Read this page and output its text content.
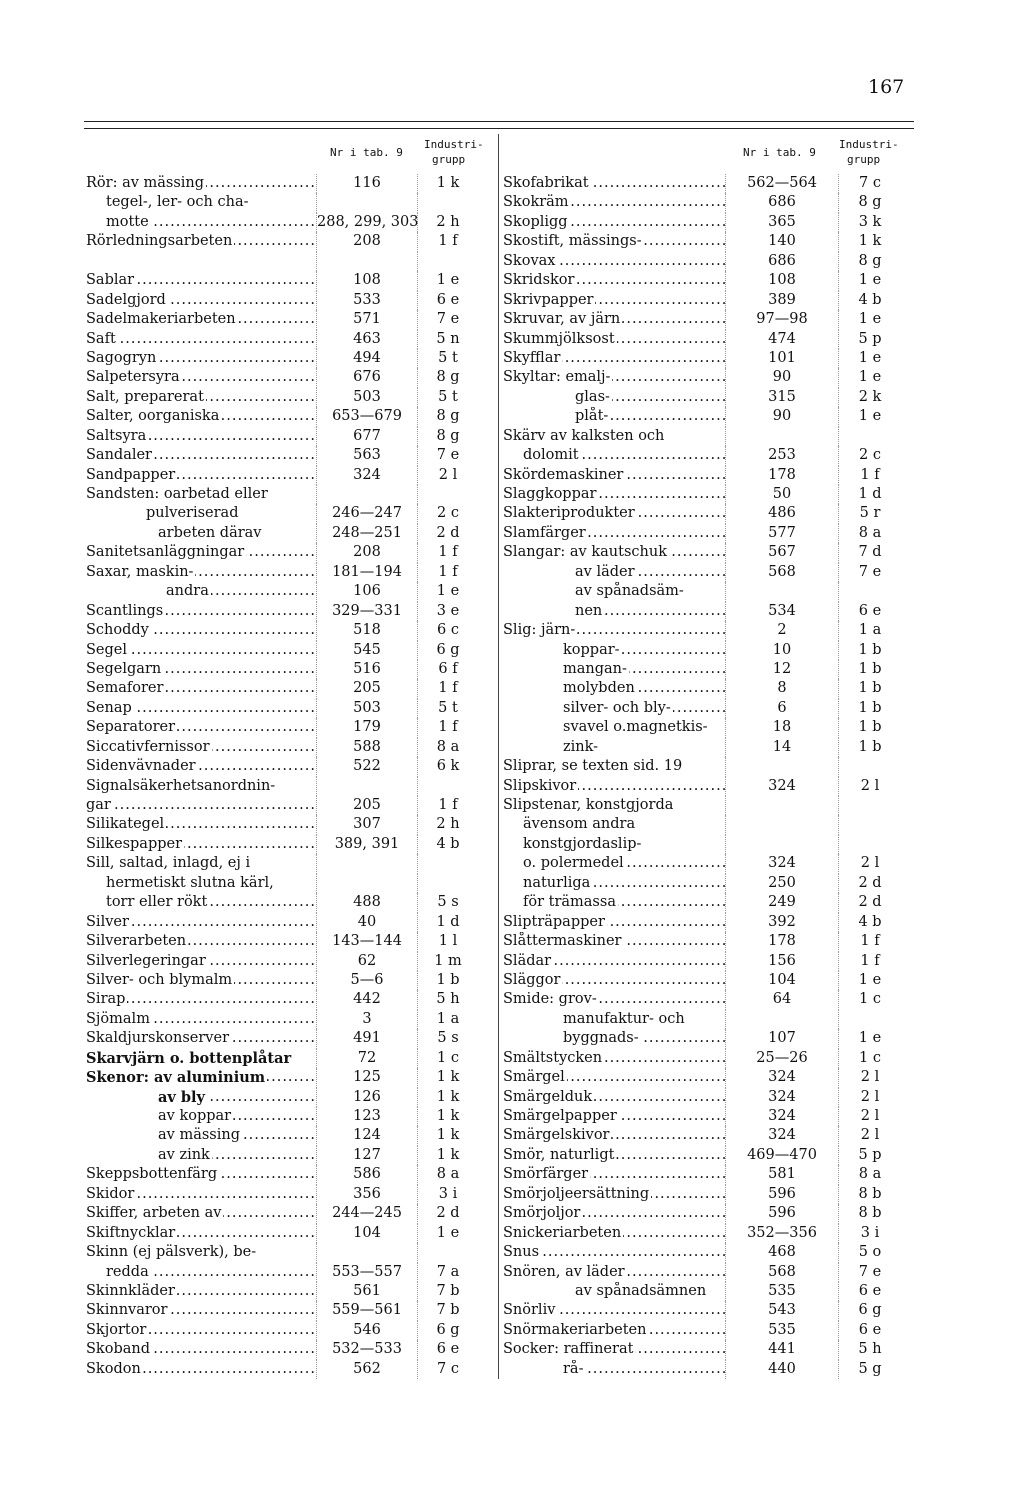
167
Nr i tab. 9
Industri-
grupp
Rör: av mässing .....	116	1 k
tegel-, ler- och cha-
motte .....	288, 299, 303	2 h
Rörledningsarbeten .....	208	1 f
Sablar .....	108	1 e
Sadelgjord .....	533	6 e
Sadelmakeriarbeten .....	571	7 e
Saft .....	463	5 n
Sagogryn .....	494	5 t
Salpetersyra .....	676	8 g
Salt, preparerat .....	503	5 t
Salter, oorganiska .....	653—679	8 g
Saltsyra .....	677	8 g
Sandaler .....	563	7 e
Sandpapper .....	324	2 l
Sandsten: oarbetad eller
pulveriserad	246—247	2 c
arbeten därav	248—251	2 d
Sanitetsanläggningar .....	208	1 f
Saxar, maskin- .....	181—194	1 f
andra .....	106	1 e
Scantlings .....	329—331	3 e
Schoddy .....	518	6 c
Segel .....	545	6 g
Segelgarn .....	516	6 f
Semaforer .....	205	1 f
Senap .....	503	5 t
Separatorer .....	179	1 f
Siccativfernissor .....	588	8 a
Sidenvävnader .....	522	6 k
Signalsäkerhetsanordnin-
gar .....	205	1 f
Silikategel .....	307	2 h
Silkespapper .....	389, 391	4 b
Sill, saltad, inlagd, ej i
hermetiskt slutna kärl,
torr eller rökt .....	488	5 s
Silver .....	40	1 d
Silverarbeten .....	143—144	1 l
Silverlegeringar .....	62	1 m
Silver- och blymalm .....	5—6	1 b
Sirap .....	442	5 h
Sjömalm .....	3	1 a
Skaldjurskonserver .....	491	5 s
Skarvjärn o. bottenplåtar	72	1 c
Skenor: av aluminium .....	125	1 k
av bly .....	126	1 k
av koppar .....	123	1 k
av mässing .....	124	1 k
av zink .....	127	1 k
Skeppsbottenfärg .....	586	8 a
Skidor .....	356	3 i
Skiffer, arbeten av .....	244—245	2 d
Skiftnycklar .....	104	1 e
Skinn (ej pälsverk), be-
redda .....	553—557	7 a
Skinnkläder .....	561	7 b
Skinnvaror .....	559—561	7 b
Skjortor .....	546	6 g
Skoband .....	532—533	6 e
Skodon .....	562	7 c
Nr i tab. 9
Industri-
grupp
Skofabrikat .....	562—564	7 c
Skokräm .....	686	8 g
Skopligg .....	365	3 k
Skostift, mässings- .....	140	1 k
Skovax .....	686	8 g
Skridskor .....	108	1 e
Skrivpapper .....	389	4 b
Skruvar, av järn .....	97—98	1 e
Skummjölksost .....	474	5 p
Skyfflar .....	101	1 e
Skyltar: emalj- .....	90	1 e
glas- .....	315	2 k
plåt- .....	90	1 e
Skärv av kalksten och
dolomit .....	253	2 c
Skördemaskiner .....	178	1 f
Slaggkoppar .....	50	1 d
Slakteriprodukter .....	486	5 r
Slamfärger .....	577	8 a
Slangar: av kautschuk .....	567	7 d
av läder .....	568	7 e
av spånadsäm-
nen .....	534	6 e
Slig: järn- .....	2	1 a
koppar- .....	10	1 b
mangan- .....	12	1 b
molybden .....	8	1 b
silver- och bly- .....	6	1 b
svavel o.magnetkis-	18	1 b
zink-	14	1 b
Sliprar, se texten sid. 19
Slipskivor .....	324	2 l
Slipstenar, konstgjorda
ävensom andra
konstgjordaslip-
o. polermedel .....	324	2 l
naturliga .....	250	2 d
för trämassa .....	249	2 d
Slipträpapper .....	392	4 b
Slåttermaskiner .....	178	1 f
Slädar .....	156	1 f
Släggor .....	104	1 e
Smide: grov- .....	64	1 c
manufaktur- och
byggnads- .....	107	1 e
Smältstycken .....	25—26	1 c
Smärgel .....	324	2 l
Smärgelduk .....	324	2 l
Smärgelpapper .....	324	2 l
Smärgelskivor .....	324	2 l
Smör, naturligt .....	469—470	5 p
Smörfärger .....	581	8 a
Smörjoljeersättning .....	596	8 b
Smörjoljor .....	596	8 b
Snickeriarbeten .....	352—356	3 i
Snus .....	468	5 o
Snören, av läder .....	568	7 e
av spånadsämnen	535	6 e
Snörliv .....	543	6 g
Snörmakeriarbeten .....	535	6 e
Socker: raffinerat .....	441	5 h
rå- .....	440	5 g
